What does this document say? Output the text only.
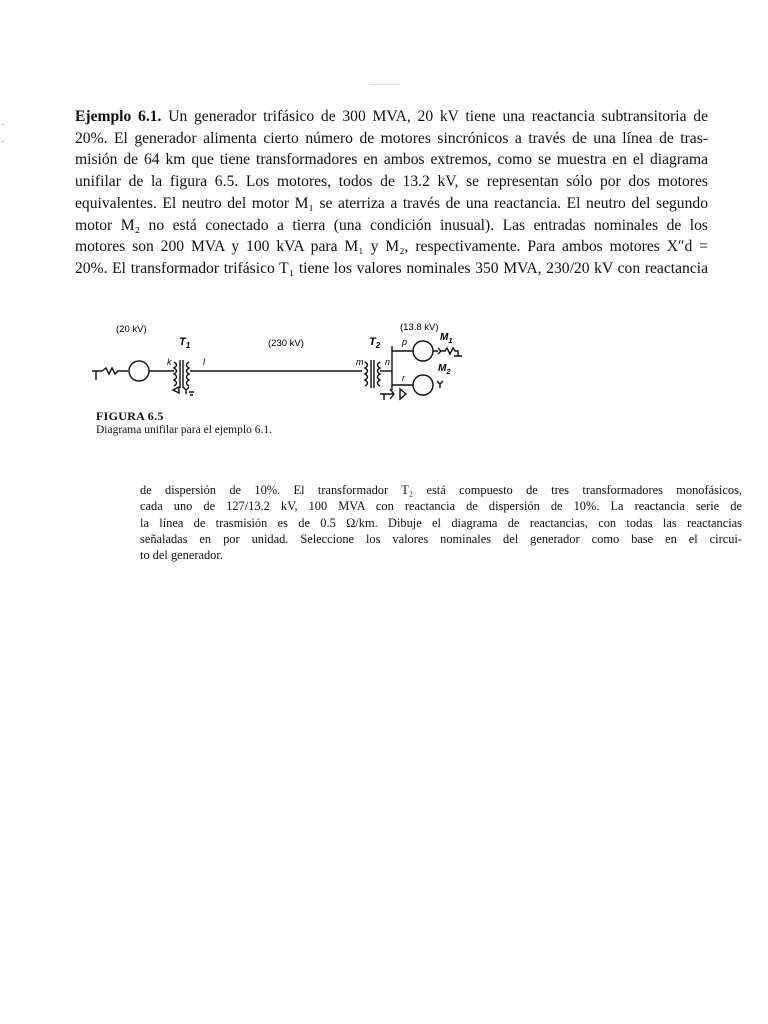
Ejemplo 6.1. Un generador trifásico de 300 MVA, 20 kV tiene una reactancia subtransitoria de
20%. El generador alimenta cierto número de motores sincrónicos a través de una línea de tras-
misión de 64 km que tiene transformadores en ambos extremos, como se muestra en el diagrama
unifilar de la figura 6.5. Los motores, todos de 13.2 kV, se representan sólo por dos motores
equivalentes. El neutro del motor M₁ se aterriza a través de una reactancia. El neutro del segundo
motor M₂ no está conectado a tierra (una condición inusual). Las entradas nominales de los
motores son 200 MVA y 100 kVA para M₁ y M₂, respectivamente. Para ambos motores X″d =
20%. El transformador trifásico T₁ tiene los valores nominales 350 MVA, 230/20 kV con reactancia
(20 kV)
(230 kV)
(13.8 kV)
$T_1$	$T_2$
k	l	m n
p
r
$M_1$
$M_2$
FIGURA 6.5
Diagrama unifilar para el ejemplo 6.1.
de dispersión de 10%. El transformador T₂ está compuesto de tres transformadores monofásicos,
cada uno de 127/13.2 kV, 100 MVA con reactancia de dispersión de 10%. La reactancia serie de
la línea de trasmisión es de 0.5 Ω/km. Dibuje el diagrama de reactancias, con todas las reactancias
señaladas en por unidad. Seleccione los valores nominales del generador como base en el circui-
to del generador.
